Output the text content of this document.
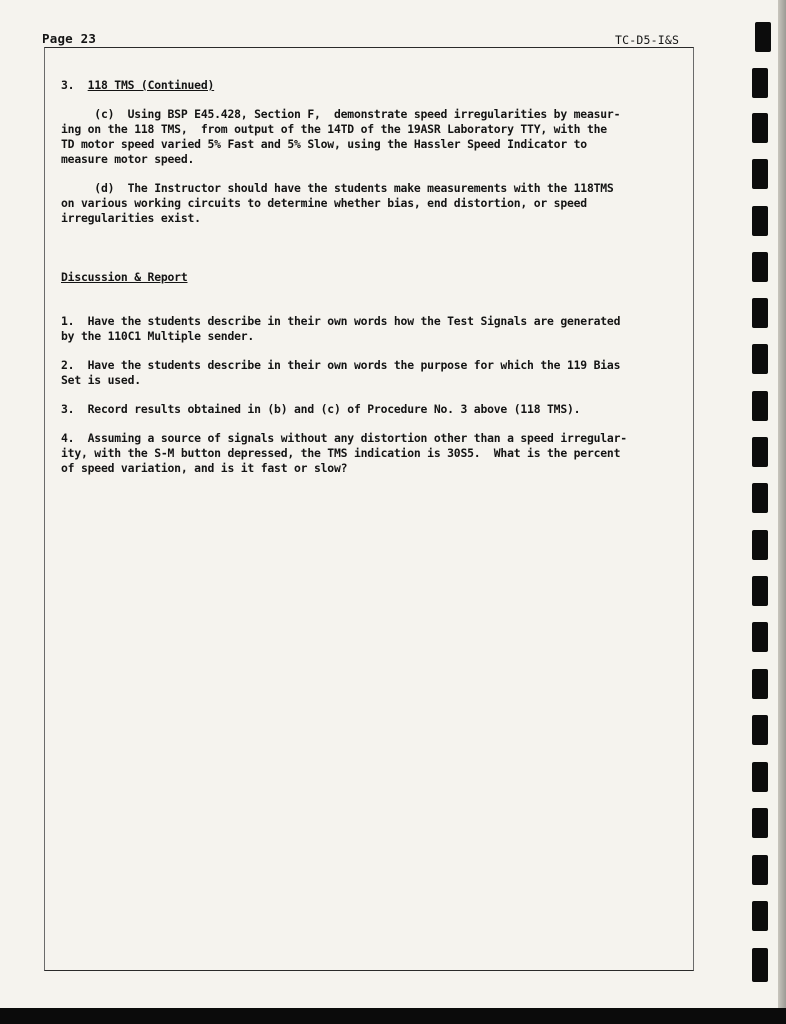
Page 23	TC-D5-I&S

3. 118 TMS (Continued)

(c)  Using BSP E45.428, Section F,  demonstrate speed irregularities by measur-

ing on the 118 TMS,  from output of the 14TD of the 19ASR Laboratory TTY, with the

TD motor speed varied 5% Fast and 5% Slow, using the Hassler Speed Indicator to

measure motor speed.

(d)  The Instructor should have the students make measurements with the 118TMS

on various working circuits to determine whether bias, end distortion, or speed

irregularities exist.

Discussion & Report

1.  Have the students describe in their own words how the Test Signals are generated

by the 110C1 Multiple sender.

2.  Have the students describe in their own words the purpose for which the 119 Bias

Set is used.

3.  Record results obtained in (b) and (c) of Procedure No. 3 above (118 TMS).

4.  Assuming a source of signals without any distortion other than a speed irregular-

ity, with the S-M button depressed, the TMS indication is 30S5.  What is the percent

of speed variation, and is it fast or slow?
